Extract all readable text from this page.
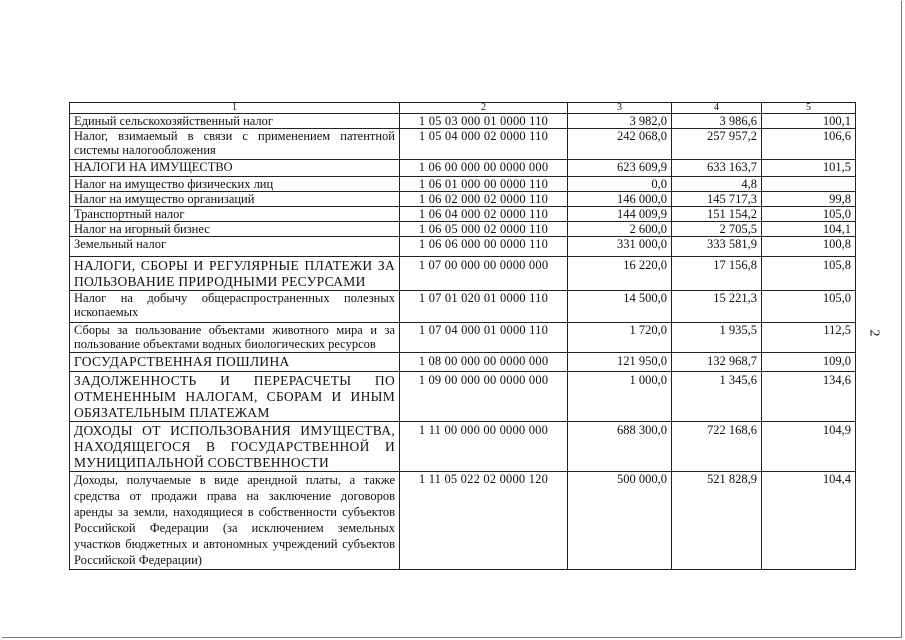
2
1	2	3	4	5
Единый сельскохозяйственный налог	1 05 03 000 01 0000 110	3 982,0	3 986,6	100,1
Налог, взимаемый в связи с применением патентной системы налогообложения	1 05 04 000 02 0000 110	242 068,0	257 957,2	106,6
НАЛОГИ НА ИМУЩЕСТВО	1 06 00 000 00 0000 000	623 609,9	633 163,7	101,5
Налог на имущество физических лиц	1 06 01 000 00 0000 110	0,0	4,8	
Налог на имущество организаций	1 06 02 000 02 0000 110	146 000,0	145 717,3	99,8
Транспортный налог	1 06 04 000 02 0000 110	144 009,9	151 154,2	105,0
Налог на игорный бизнес	1 06 05 000 02 0000 110	2 600,0	2 705,5	104,1
Земельный налог	1 06 06 000 00 0000 110	331 000,0	333 581,9	100,8
НАЛОГИ, СБОРЫ И РЕГУЛЯРНЫЕ ПЛАТЕЖИ ЗА ПОЛЬЗОВАНИЕ ПРИРОДНЫМИ РЕСУРСАМИ	1 07 00 000 00 0000 000	16 220,0	17 156,8	105,8
Налог на добычу общераспространенных полезных ископаемых	1 07 01 020 01 0000 110	14 500,0	15 221,3	105,0
Сборы за пользование объектами животного мира и за пользование объектами водных биологических ресурсов	1 07 04 000 01 0000 110	1 720,0	1 935,5	112,5
ГОСУДАРСТВЕННАЯ ПОШЛИНА	1 08 00 000 00 0000 000	121 950,0	132 968,7	109,0
ЗАДОЛЖЕННОСТЬ И ПЕРЕРАСЧЕТЫ ПО ОТМЕНЕННЫМ НАЛОГАМ, СБОРАМ И ИНЫМ ОБЯЗАТЕЛЬНЫМ ПЛАТЕЖАМ	1 09 00 000 00 0000 000	1 000,0	1 345,6	134,6
ДОХОДЫ ОТ ИСПОЛЬЗОВАНИЯ ИМУЩЕСТВА, НАХОДЯЩЕГОСЯ В ГОСУДАРСТВЕННОЙ И МУНИЦИПАЛЬНОЙ СОБСТВЕННОСТИ	1 11 00 000 00 0000 000	688 300,0	722 168,6	104,9
Доходы, получаемые в виде арендной платы, а также средства от продажи права на заключение договоров аренды за земли, находящиеся в собственности субъектов Российской Федерации (за исключением земельных участков бюджетных и автономных учреждений субъектов Российской Федерации)	1 11 05 022 02 0000 120	500 000,0	521 828,9	104,4
